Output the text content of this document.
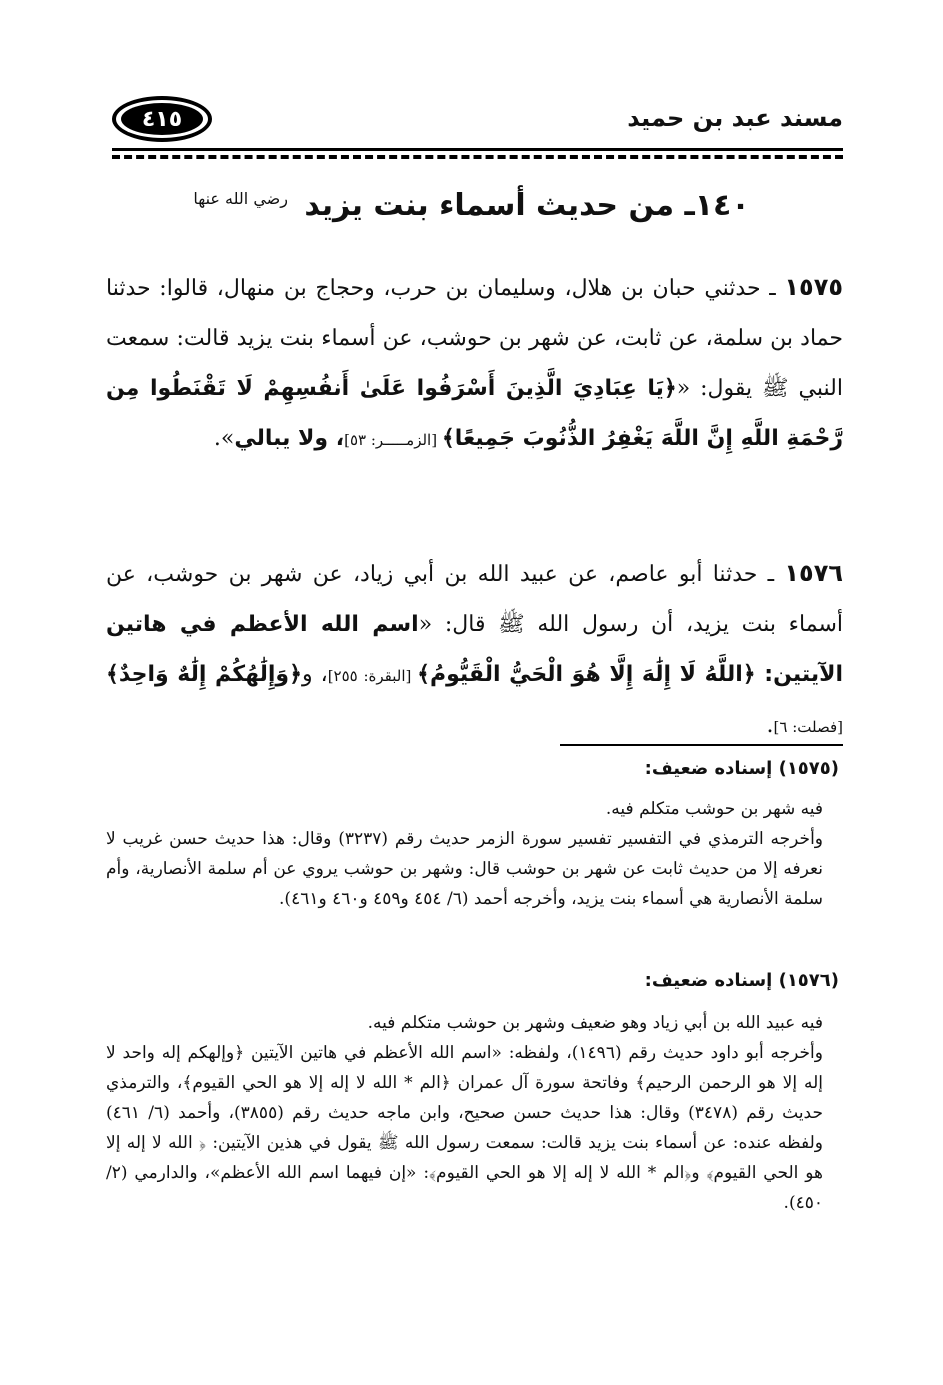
مسند عبد بن حميد
٤١٥
١٤٠ـ من حديث أسماء بنت يزيد $^{رضي الله عنها}$
١٥٧٥ ـ حدثني حبان بن هلال، وسليمان بن حرب، وحجاج بن منهال، قالوا: حدثنا حماد بن سلمة، عن ثابت، عن شهر بن حوشب، عن أسماء بنت يزيد قالت: سمعت النبي ﷺ يقول: «﴿يَا عِبَادِيَ الَّذِينَ أَسْرَفُوا عَلَىٰ أَنفُسِهِمْ لَا تَقْنَطُوا مِن رَّحْمَةِ اللَّهِ إِنَّ اللَّهَ يَغْفِرُ الذُّنُوبَ جَمِيعًا﴾ [الزمـــــر: ٥٣]، ولا يبالي».
١٥٧٦ ـ حدثنا أبو عاصم، عن عبيد الله بن أبي زياد، عن شهر بن حوشب، عن أسماء بنت يزيد، أن رسول الله ﷺ قال: «اسم الله الأعظم في هاتين الآيتين: ﴿اللَّهُ لَا إِلَٰهَ إِلَّا هُوَ الْحَيُّ الْقَيُّومُ﴾ [البقرة: ٢٥٥]، و﴿وَإِلَٰهُكُمْ إِلَٰهٌ وَاحِدٌ﴾ [فصلت: ٦].
(١٥٧٥) إسناده ضعيف:

فيه شهر بن حوشب متكلم فيه.

وأخرجه الترمذي في التفسير تفسير سورة الزمر حديث رقم (٣٢٣٧) وقال: هذا حديث حسن غريب لا نعرفه إلا من حديث ثابت عن شهر بن حوشب قال: وشهر بن حوشب يروي عن أم سلمة الأنصارية، وأم سلمة الأنصارية هي أسماء بنت يزيد، وأخرجه أحمد (٦/ ٤٥٤ و٤٥٩ و٤٦٠ و٤٦١).

(١٥٧٦) إسناده ضعيف:

فيه عبيد الله بن أبي زياد وهو ضعيف وشهر بن حوشب متكلم فيه.

وأخرجه أبو داود حديث رقم (١٤٩٦)، ولفظه: «اسم الله الأعظم في هاتين الآيتين ﴿وإلهكم إله واحد لا إله إلا هو الرحمن الرحيم﴾ وفاتحة سورة آل عمران ﴿الم * الله لا إله إلا هو الحي القيوم﴾، والترمذي حديث رقم (٣٤٧٨) وقال: هذا حديث حسن صحيح، وابن ماجه حديث رقم (٣٨٥٥)، وأحمد (٦/ ٤٦١) ولفظه عنده: عن أسماء بنت يزيد قالت: سمعت رسول الله ﷺ يقول في هذين الآيتين: ﴿ الله لا إله إلا هو الحي القيوم﴾ و﴿الم * الله لا إله إلا هو الحي القيوم﴾: «إن فيهما اسم الله الأعظم»، والدارمي (٢/ ٤٥٠).
